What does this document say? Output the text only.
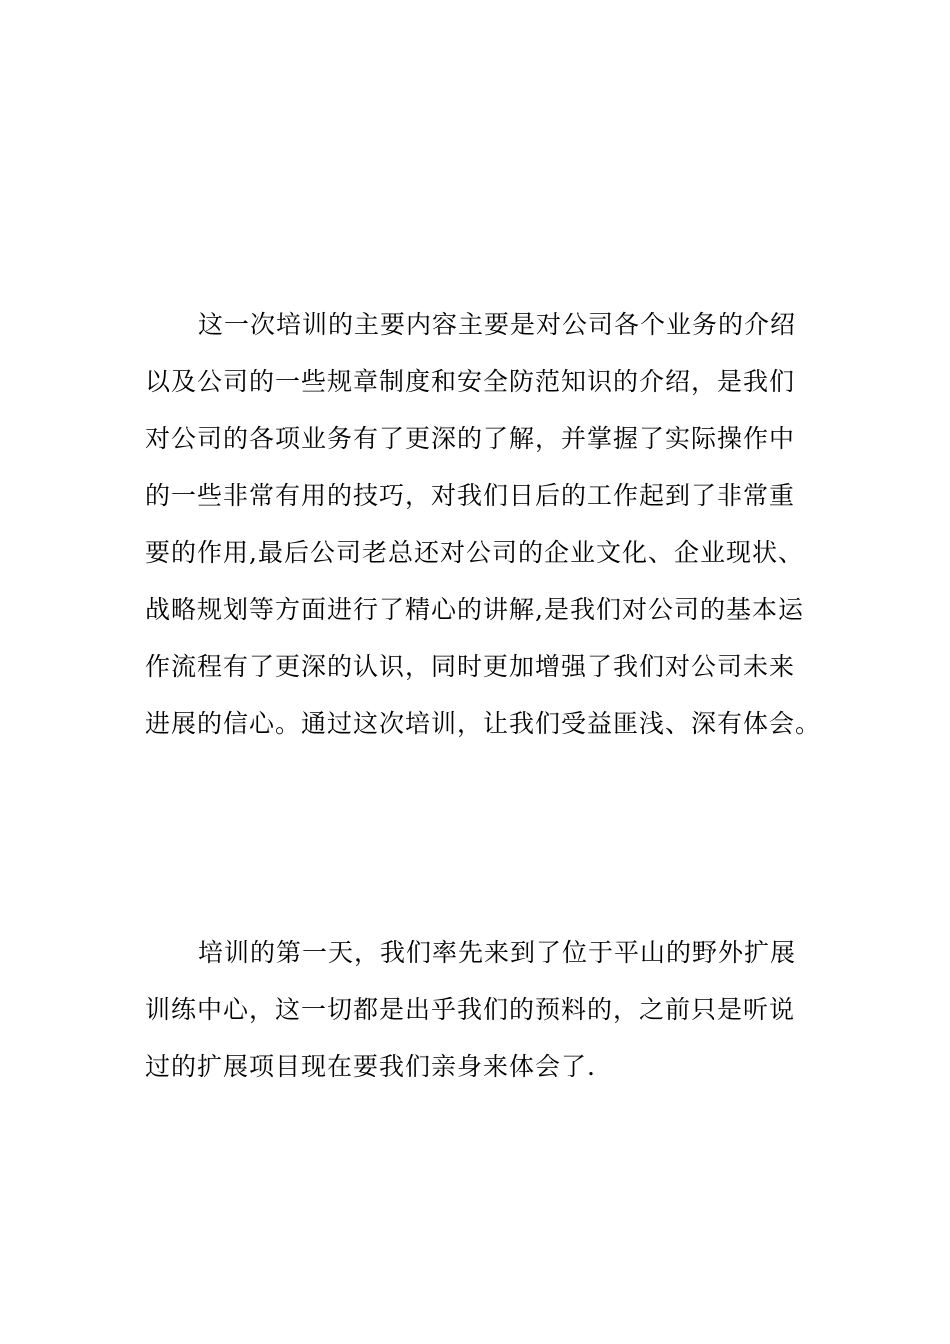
这一次培训的主要内容主要是对公司各个业务的介绍
以及公司的一些规章制度和安全防范知识的介绍，是我们
对公司的各项业务有了更深的了解，并掌握了实际操作中
的一些非常有用的技巧，对我们日后的工作起到了非常重
要的作用,最后公司老总还对公司的企业文化、企业现状、
战略规划等方面进行了精心的讲解,是我们对公司的基本运
作流程有了更深的认识，同时更加增强了我们对公司未来
进展的信心。通过这次培训，让我们受益匪浅、深有体会。
培训的第一天，我们率先来到了位于平山的野外扩展
训练中心，这一切都是出乎我们的预料的，之前只是听说
过的扩展项目现在要我们亲身来体会了.
